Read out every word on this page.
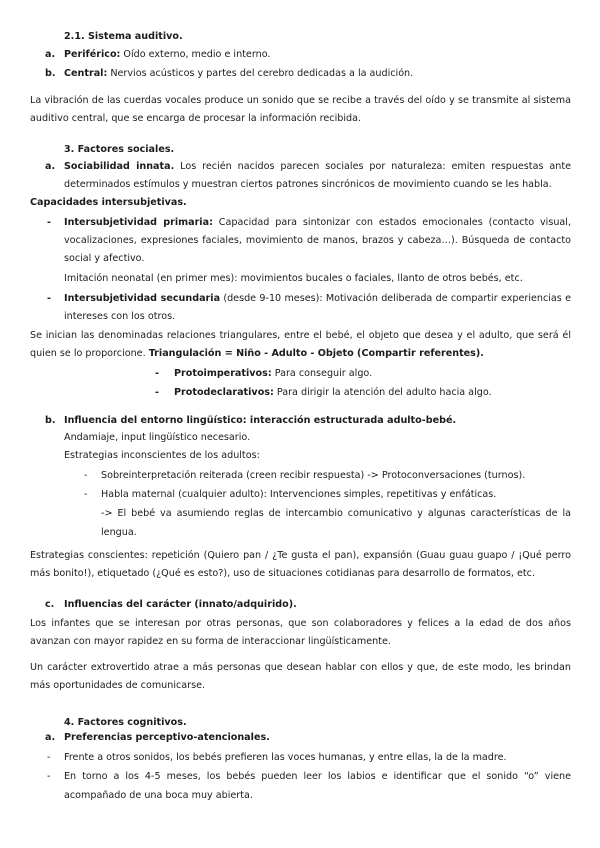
2.1. Sistema auditivo.
a. Periférico: Oído externo, medio e interno.
b. Central: Nervios acústicos y partes del cerebro dedicadas a la audición.
La vibración de las cuerdas vocales produce un sonido que se recibe a través del oído y se transmite al sistema
auditivo central, que se encarga de procesar la información recibida.
3. Factores sociales.
a. Sociabilidad innata. Los recién nacidos parecen sociales por naturaleza: emiten respuestas ante
determinados estímulos y muestran ciertos patrones sincrónicos de movimiento cuando se les habla.
Capacidades intersubjetivas.
- Intersubjetividad primaria: Capacidad para sintonizar con estados emocionales (contacto visual,
vocalizaciones, expresiones faciales, movimiento de manos, brazos y cabeza…). Búsqueda de contacto
social y afectivo.
Imitación neonatal (en primer mes): movimientos bucales o faciales, llanto de otros bebés, etc.
- Intersubjetividad secundaria (desde 9-10 meses): Motivación deliberada de compartir experiencias e
intereses con los otros.
Se inician las denominadas relaciones triangulares, entre el bebé, el objeto que desea y el adulto, que será él
quien se lo proporcione. Triangulación = Niño - Adulto - Objeto (Compartir referentes).
- Protoimperativos: Para conseguir algo.
- Protodeclarativos: Para dirigir la atención del adulto hacia algo.
b. Influencia del entorno lingüístico: interacción estructurada adulto-bebé.
Andamiaje, input lingüístico necesario.
Estrategias inconscientes de los adultos:
- Sobreinterpretación reiterada (creen recibir respuesta) -> Protoconversaciones (turnos).
- Habla maternal (cualquier adulto): Intervenciones simples, repetitivas y enfáticas.
-> El bebé va asumiendo reglas de intercambio comunicativo y algunas características de la
lengua.
Estrategias conscientes: repetición (Quiero pan / ¿Te gusta el pan), expansión (Guau guau guapo / ¡Qué perro
más bonito!), etiquetado (¿Qué es esto?), uso de situaciones cotidianas para desarrollo de formatos, etc.
c. Influencias del carácter (innato/adquirido).
Los infantes que se interesan por otras personas, que son colaboradores y felices a la edad de dos años
avanzan con mayor rapidez en su forma de interaccionar lingüísticamente.
Un carácter extrovertido atrae a más personas que desean hablar con ellos y que, de este modo, les brindan
más oportunidades de comunicarse.
4. Factores cognitivos.
a. Preferencias perceptivo-atencionales.
- Frente a otros sonidos, los bebés prefieren las voces humanas, y entre ellas, la de la madre.
- En torno a los 4-5 meses, los bebés pueden leer los labios e identificar que el sonido “o” viene
acompañado de una boca muy abierta.
